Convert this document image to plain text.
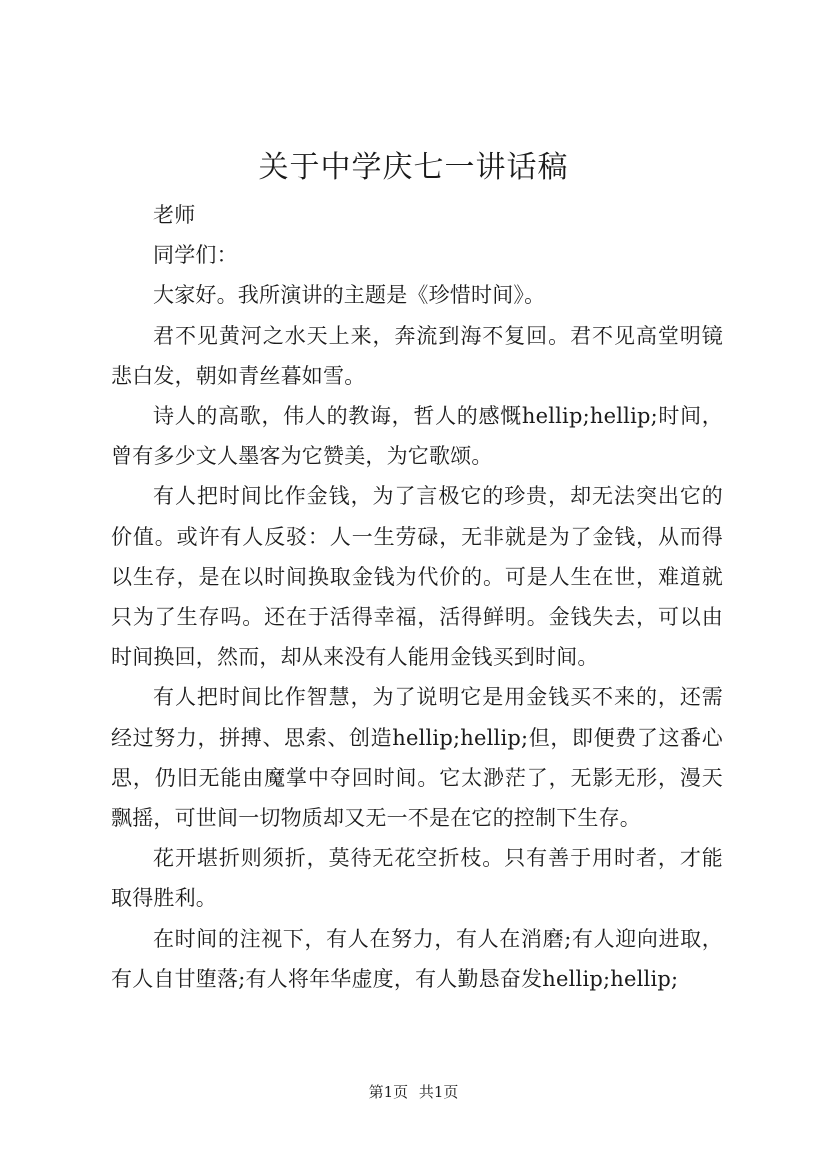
关于中学庆七一讲话稿

老师

同学们：

大家好。我所演讲的主题是《珍惜时间》。

君不见黄河之水天上来，奔流到海不复回。君不见高堂明镜悲白发，朝如青丝暮如雪。

诗人的高歌，伟人的教诲，哲人的感慨hellip;hellip;时间，曾有多少文人墨客为它赞美，为它歌颂。

有人把时间比作金钱，为了言极它的珍贵，却无法突出它的价值。或许有人反驳：人一生劳碌，无非就是为了金钱，从而得以生存，是在以时间换取金钱为代价的。可是人生在世，难道就只为了生存吗。还在于活得幸福，活得鲜明。金钱失去，可以由时间换回，然而，却从来没有人能用金钱买到时间。

有人把时间比作智慧，为了说明它是用金钱买不来的，还需经过努力，拼搏、思索、创造hellip;hellip;但，即便费了这番心思，仍旧无能由魔掌中夺回时间。它太渺茫了，无影无形，漫天飘摇，可世间一切物质却又无一不是在它的控制下生存。

花开堪折则须折，莫待无花空折枝。只有善于用时者，才能取得胜利。

在时间的注视下，有人在努力，有人在消磨;有人迎向进取，有人自甘堕落;有人将年华虚度，有人勤恳奋发hellip;hellip;

第1页 共1页
